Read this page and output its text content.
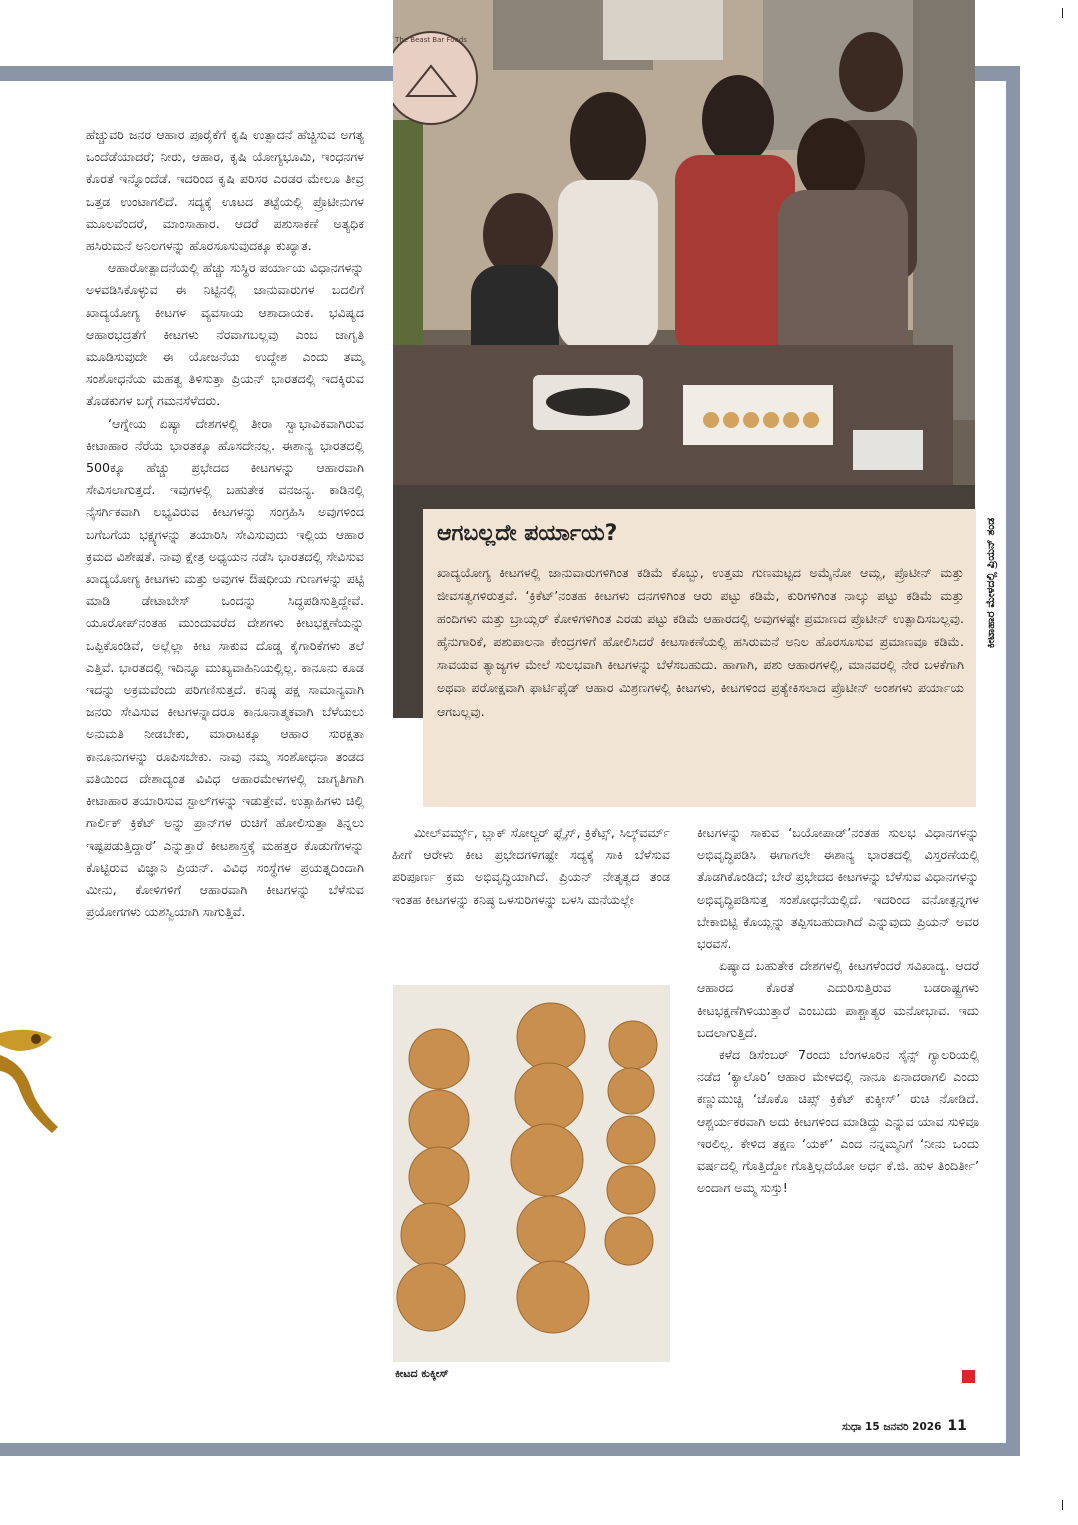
ಹೆಚ್ಚುವರಿ ಜನರ ಆಹಾರ ಪೂರೈಕೆಗೆ ಕೃಷಿ ಉತ್ಪಾದನೆ ಹೆಚ್ಚಿಸುವ ಅಗತ್ಯ ಒಂದೆಡೆಯಾದರೆ; ನೀರು, ಆಹಾರ, ಕೃಷಿ ಯೋಗ್ಯಭೂಮಿ, ಇಂಧನಗಳ ಕೊರತೆ ಇನ್ನೊಂದೆಡೆ. ಇದರಿಂದ ಕೃಷಿ ಪರಿಸರ ಎರಡರ ಮೇಲೂ ತೀವ್ರ ಒತ್ತಡ ಉಂಟಾಗಲಿದೆ. ಸದ್ಯಕ್ಕೆ ಊಟದ ತಟ್ಟೆಯಲ್ಲಿ ಪ್ರೊಟೀನುಗಳ ಮೂಲವೆಂದರೆ, ಮಾಂಸಾಹಾರ. ಆದರೆ ಪಶುಸಾಕಣೆ ಅತ್ಯಧಿಕ ಹಸಿರುಮನೆ ಅನಿಲಗಳನ್ನು ಹೊರಸೂಸುವುದಕ್ಕೂ ಕುಖ್ಯಾತ.

ಆಹಾರೋತ್ಪಾದನೆಯಲ್ಲಿ ಹೆಚ್ಚು ಸುಸ್ಥಿರ ಪರ್ಯಾಯ ವಿಧಾನಗಳನ್ನು ಅಳವಡಿಸಿಕೊಳ್ಳುವ ಈ ನಿಟ್ಟಿನಲ್ಲಿ ಜಾನುವಾರುಗಳ ಬದಲಿಗೆ ಖಾದ್ಯಯೋಗ್ಯ ಕೀಟಗಳ ವ್ಯವಸಾಯ ಆಶಾದಾಯಕ. ಭವಿಷ್ಯದ ಆಹಾರಭದ್ರತೆಗೆ ಕೀಟಗಳು ನೆರವಾಗಬಲ್ಲವು ಎಂಬ ಜಾಗೃತಿ ಮೂಡಿಸುವುದೇ ಈ ಯೋಜನೆಯ ಉದ್ದೇಶ ಎಂದು ತಮ್ಮ ಸಂಶೋಧನೆಯ ಮಹತ್ವ ತಿಳಿಸುತ್ತಾ ಪ್ರಿಯನ್ ಭಾರತದಲ್ಲಿ ಇದಕ್ಕಿರುವ ತೊಡಕುಗಳ ಬಗ್ಗೆ ಗಮನಸೆಳೆದರು.

‘ಆಗ್ನೇಯ ಏಷ್ಯಾ ದೇಶಗಳಲ್ಲಿ ತೀರಾ ಸ್ವಾಭಾವಿಕವಾಗಿರುವ ಕೀಟಾಹಾರ ನೆರೆಯ ಭಾರತಕ್ಕೂ ಹೊಸದೇನಲ್ಲ. ಈಶಾನ್ಯ ಭಾರತದಲ್ಲಿ 500ಕ್ಕೂ ಹೆಚ್ಚು ಪ್ರಭೇದದ ಕೀಟಗಳನ್ನು ಆಹಾರವಾಗಿ ಸೇವಿಸಲಾಗುತ್ತದೆ. ಇವುಗಳಲ್ಲಿ ಬಹುತೇಕ ವನಜನ್ಯ. ಕಾಡಿನಲ್ಲಿ ನೈಸರ್ಗಿಕವಾಗಿ ಲಭ್ಯವಿರುವ ಕೀಟಗಳನ್ನು ಸಂಗ್ರಹಿಸಿ ಅವುಗಳಿಂದ ಬಗೆಬಗೆಯ ಭಕ್ಷ್ಯಗಳನ್ನು ತಯಾರಿಸಿ ಸೇವಿಸುವುದು ಇಲ್ಲಿಯ ಆಹಾರ ಕ್ರಮದ ವಿಶೇಷತೆ. ನಾವು ಕ್ಷೇತ್ರ ಅಧ್ಯಯನ ನಡೆಸಿ ಭಾರತದಲ್ಲಿ ಸೇವಿಸುವ ಖಾದ್ಯಯೋಗ್ಯ ಕೀಟಗಳು ಮತ್ತು ಅವುಗಳ ಔಷಧೀಯ ಗುಣಗಳನ್ನು ಪಟ್ಟಿ ಮಾಡಿ ಡೇಟಾಬೇಸ್ ಒಂದನ್ನು ಸಿದ್ಧಪಡಿಸುತ್ತಿದ್ದೇವೆ. ಯೂರೋಪ್‌ನಂತಹ ಮುಂದುವರೆದ ದೇಶಗಳು ಕೀಟಭಕ್ಷಣೆಯನ್ನು ಒಪ್ಪಿಕೊಂಡಿವೆ, ಅಲ್ಲೆಲ್ಲಾ ಕೀಟ ಸಾಕುವ ದೊಡ್ಡ ಕೈಗಾರಿಕೆಗಳು ತಲೆ ಎತ್ತಿವೆ. ಭಾರತದಲ್ಲಿ ಇದಿನ್ನೂ ಮುಖ್ಯವಾಹಿನಿಯಲ್ಲಿಲ್ಲ. ಕಾನೂನು ಕೂಡ ಇದನ್ನು ಅಕ್ರಮವೆಂದು ಪರಿಗಣಿಸುತ್ತದೆ. ಕನಿಷ್ಠ ಪಕ್ಷ ಸಾಮಾನ್ಯವಾಗಿ ಜನರು ಸೇವಿಸುವ ಕೀಟಗಳನ್ನಾದರೂ ಕಾನೂನಾತ್ಮಕವಾಗಿ ಬೆಳೆಯಲು ಅನುಮತಿ ನೀಡಬೇಕು, ಮಾರಾಟಕ್ಕೂ ಆಹಾರ ಸುರಕ್ಷತಾ ಕಾನೂನುಗಳನ್ನು ರೂಪಿಸಬೇಕು. ನಾವು ನಮ್ಮ ಸಂಶೋಧನಾ ತಂಡದ ವತಿಯಿಂದ ದೇಶಾದ್ಯಂತ ವಿವಿಧ ಆಹಾರಮೇಳಗಳಲ್ಲಿ ಜಾಗೃತಿಗಾಗಿ ಕೀಟಾಹಾರ ತಯಾರಿಸುವ ಸ್ಟಾಲ್‌ಗಳನ್ನು ಇಡುತ್ತೇವೆ. ಉತ್ಸಾಹಿಗಳು ಚಿಲ್ಲಿ ಗಾರ್ಲಿಕ್ ಕ್ರಿಕೆಟ್ ಅನ್ನು ಪ್ರಾನ್‌ಗಳ ರುಚಿಗೆ ಹೋಲಿಸುತ್ತಾ ತಿನ್ನಲು ಇಷ್ಟಪಡುತ್ತಿದ್ದಾರೆ’ ಎನ್ನುತ್ತಾರೆ ಕೀಟಶಾಸ್ತ್ರಕ್ಕೆ ಮಹತ್ತರ ಕೊಡುಗೆಗಳನ್ನು ಕೊಟ್ಟಿರುವ ವಿಜ್ಞಾನಿ ಪ್ರಿಯನ್. ವಿವಿಧ ಸಂಸ್ಥೆಗಳ ಪ್ರಯತ್ನದಿಂದಾಗಿ ಮೀನು, ಕೋಳಿಗಳಿಗೆ ಆಹಾರವಾಗಿ ಕೀಟಗಳನ್ನು ಬೆಳೆಸುವ ಪ್ರಯೋಗಗಳು ಯಶಸ್ವಿಯಾಗಿ ಸಾಗುತ್ತಿವೆ.

The Beast Bar Foods
ಕೀಟಾಹಾರ ಮೇಳದಲ್ಲಿ ಪ್ರಿಯನ್ ತಂಡ
ಆಗಬಲ್ಲದೇ ಪರ್ಯಾಯ?

ಖಾದ್ಯಯೋಗ್ಯ ಕೀಟಗಳಲ್ಲಿ ಜಾನುವಾರುಗಳಿಗಿಂತ ಕಡಿಮೆ ಕೊಬ್ಬು, ಉತ್ತಮ ಗುಣಮಟ್ಟದ ಅಮೈನೋ ಆಮ್ಲ, ಪ್ರೊಟೀನ್ ಮತ್ತು ಜೀವಸತ್ವಗಳಿರುತ್ತವೆ. ‘ಕ್ರಿಕೆಟ್’ನಂತಹ ಕೀಟಗಳು ದನಗಳಿಗಿಂತ ಆರು ಪಟ್ಟು ಕಡಿಮೆ, ಕುರಿಗಳಿಗಿಂತ ನಾಲ್ಕು ಪಟ್ಟು ಕಡಿಮೆ ಮತ್ತು ಹಂದಿಗಳು ಮತ್ತು ಬ್ರಾಯ್ಲರ್ ಕೋಳಿಗಳಿಗಿಂತ ಎರಡು ಪಟ್ಟು ಕಡಿಮೆ ಆಹಾರದಲ್ಲಿ ಅವುಗಳಷ್ಟೇ ಪ್ರಮಾಣದ ಪ್ರೊಟೀನ್ ಉತ್ಪಾದಿಸಬಲ್ಲವು. ಹೈನುಗಾರಿಕೆ, ಪಶುಪಾಲನಾ ಕೇಂದ್ರಗಳಿಗೆ ಹೋಲಿಸಿದರೆ ಕೀಟಸಾಕಣೆಯಲ್ಲಿ ಹಸಿರುಮನೆ ಅನಿಲ ಹೊರಸೂಸುವ ಪ್ರಮಾಣವೂ ಕಡಿಮೆ. ಸಾವಯವ ತ್ಯಾಜ್ಯಗಳ ಮೇಲೆ ಸುಲಭವಾಗಿ ಕೀಟಗಳನ್ನು ಬೆಳೆಸಬಹುದು. ಹಾಗಾಗಿ, ಪಶು ಆಹಾರಗಳಲ್ಲಿ, ಮಾನವರಲ್ಲಿ ನೇರ ಬಳಕೆಗಾಗಿ ಅಥವಾ ಪರೋಕ್ಷವಾಗಿ ಫಾರ್ಟಿಫೈಡ್ ಆಹಾರ ಮಿಶ್ರಣಗಳಲ್ಲಿ ಕೀಟಗಳು, ಕೀಟಗಳಿಂದ ಪ್ರತ್ಯೇಕಿಸಲಾದ ಪ್ರೊಟೀನ್ ಅಂಶಗಳು ಪರ್ಯಾಯ ಆಗಬಲ್ಲವು.

ಮೀಲ್‌ವರ್ಮ್ಸ್, ಬ್ಲಾಕ್ ಸೋಲ್ಜರ್ ಫ್ಲೈಸ್, ಕ್ರಿಕೆಟ್ಸ್, ಸಿಲ್ಕ್‌ವರ್ಮ್ ಹೀಗೆ ಆರೇಳು ಕೀಟ ಪ್ರಭೇದಗಳಿಗಷ್ಟೇ ಸದ್ಯಕ್ಕೆ ಸಾಕಿ ಬೆಳೆಸುವ ಪರಿಪೂರ್ಣ ಕ್ರಮ ಅಭಿವೃದ್ಧಿಯಾಗಿದೆ. ಪ್ರಿಯನ್ ನೇತೃತ್ವದ ತಂಡ ಇಂತಹ ಕೀಟಗಳನ್ನು ಕನಿಷ್ಠ ಒಳಸುರಿಗಳನ್ನು ಬಳಸಿ ಮನೆಯಲ್ಲೇ

ಕೀಟದ ಕುಕ್ಕೀಸ್

ಕೀಟಗಳನ್ನು ಸಾಕುವ ‘ಬಯೋಪಾಡ್’ನಂತಹ ಸುಲಭ ವಿಧಾನಗಳನ್ನು ಅಭಿವೃದ್ಧಿಪಡಿಸಿ ಈಗಾಗಲೇ ಈಶಾನ್ಯ ಭಾರತದಲ್ಲಿ ವಿಸ್ತರಣೆಯಲ್ಲಿ ತೊಡಗಿಕೊಂಡಿದೆ; ಬೇರೆ ಪ್ರಭೇದದ ಕೀಟಗಳನ್ನು ಬೆಳೆಸುವ ವಿಧಾನಗಳನ್ನು ಅಭಿವೃದ್ಧಿಪಡಿಸುತ್ತ ಸಂಶೋಧನೆಯಲ್ಲಿದೆ. ಇದರಿಂದ ವನೋತ್ಪನ್ನಗಳ ಬೇಕಾಬಿಟ್ಟಿ ಕೊಯ್ಲನ್ನು ತಪ್ಪಿಸಬಹುದಾಗಿದೆ ಎನ್ನುವುದು ಪ್ರಿಯನ್ ಅವರ ಭರವಸೆ.

ಏಷ್ಯಾದ ಬಹುತೇಕ ದೇಶಗಳಲ್ಲಿ ಕೀಟಗಳೆಂದರೆ ಸವಿಖಾದ್ಯ. ಆದರೆ ಆಹಾರದ ಕೊರತೆ ಎದುರಿಸುತ್ತಿರುವ ಬಡರಾಷ್ಟ್ರಗಳು ಕೀಟಭಕ್ಷಣೆಗಿಳಿಯುತ್ತಾರೆ ಎಂಬುದು ಪಾಶ್ಚಾತ್ಯರ ಮನೋಭಾವ. ಇದು ಬದಲಾಗುತ್ತಿದೆ.

ಕಳೆದ ಡಿಸೆಂಬರ್ 7ರಂದು ಬೆಂಗಳೂರಿನ ಸೈನ್ಸ್ ಗ್ಯಾಲರಿಯಲ್ಲಿ ನಡೆದ ‘ಕ್ಯಾಲೊರಿ’ ಆಹಾರ ಮೇಳದಲ್ಲಿ ನಾನೂ ಏನಾದರಾಗಲಿ ಎಂದು ಕಣ್ಣುಮುಚ್ಚಿ ‘ಚೊಕೊ ಚಿಪ್ಸ್ ಕ್ರಿಕೆಟ್ ಕುಕ್ಕೀಸ್’ ರುಚಿ ನೋಡಿದೆ. ಆಶ್ಚರ್ಯಕರವಾಗಿ ಅದು ಕೀಟಗಳಿಂದ ಮಾಡಿದ್ದು ಎನ್ನುವ ಯಾವ ಸುಳಿವೂ ಇರಲಿಲ್ಲ. ಕೇಳಿದ ತಕ್ಷಣ ‘ಯಕ್’ ಎಂದ ನನ್ನಮ್ಮನಿಗೆ ‘ನೀನು ಒಂದು ವರ್ಷದಲ್ಲಿ ಗೊತ್ತಿದ್ದೋ ಗೊತ್ತಿಲ್ಲದೆಯೋ ಅರ್ಧ ಕೆ.ಜಿ. ಹುಳ ತಿಂದಿರ್ತೀ’ ಅಂದಾಗ ಅಮ್ಮ ಸುಸ್ತು!

ಸುಧಾ 15 ಜನವರಿ 2026 11
